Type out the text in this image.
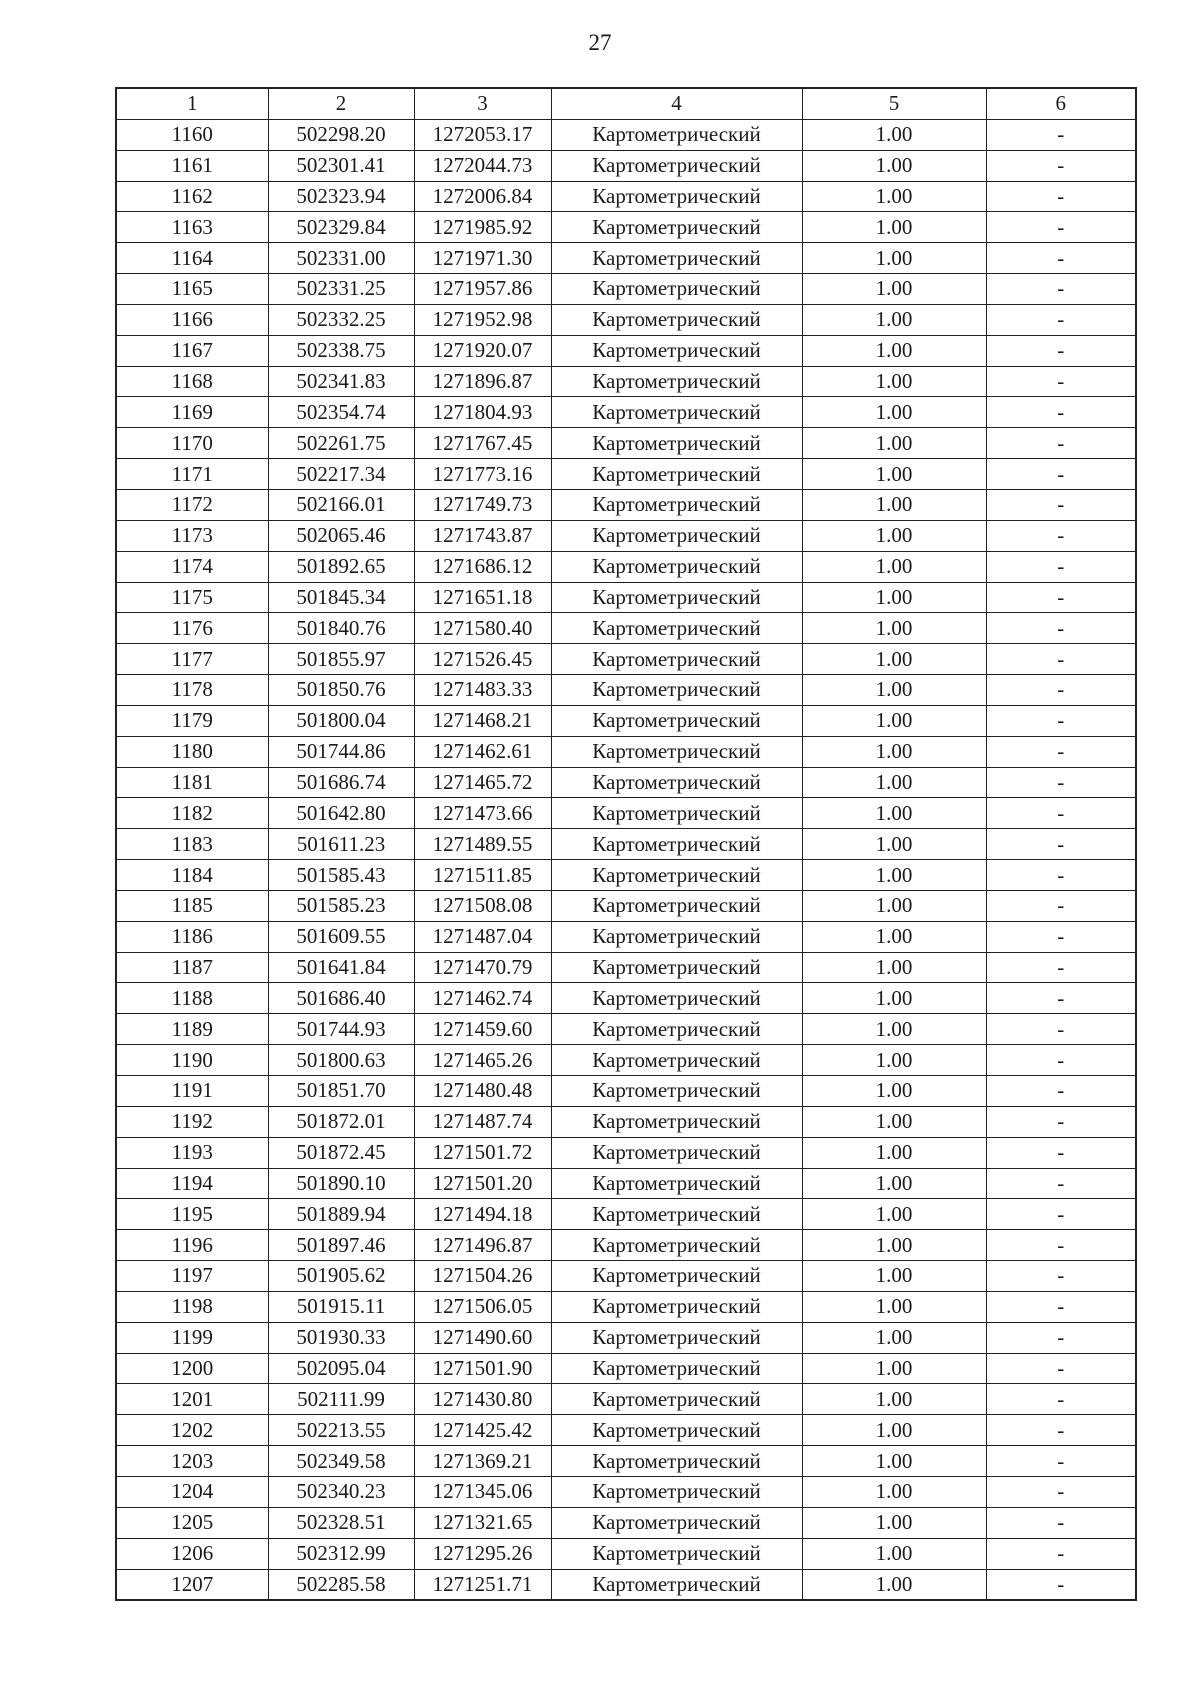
27
1	2	3	4	5	6
1160	502298.20	1272053.17	Картометрический	1.00	-
1161	502301.41	1272044.73	Картометрический	1.00	-
1162	502323.94	1272006.84	Картометрический	1.00	-
1163	502329.84	1271985.92	Картометрический	1.00	-
1164	502331.00	1271971.30	Картометрический	1.00	-
1165	502331.25	1271957.86	Картометрический	1.00	-
1166	502332.25	1271952.98	Картометрический	1.00	-
1167	502338.75	1271920.07	Картометрический	1.00	-
1168	502341.83	1271896.87	Картометрический	1.00	-
1169	502354.74	1271804.93	Картометрический	1.00	-
1170	502261.75	1271767.45	Картометрический	1.00	-
1171	502217.34	1271773.16	Картометрический	1.00	-
1172	502166.01	1271749.73	Картометрический	1.00	-
1173	502065.46	1271743.87	Картометрический	1.00	-
1174	501892.65	1271686.12	Картометрический	1.00	-
1175	501845.34	1271651.18	Картометрический	1.00	-
1176	501840.76	1271580.40	Картометрический	1.00	-
1177	501855.97	1271526.45	Картометрический	1.00	-
1178	501850.76	1271483.33	Картометрический	1.00	-
1179	501800.04	1271468.21	Картометрический	1.00	-
1180	501744.86	1271462.61	Картометрический	1.00	-
1181	501686.74	1271465.72	Картометрический	1.00	-
1182	501642.80	1271473.66	Картометрический	1.00	-
1183	501611.23	1271489.55	Картометрический	1.00	-
1184	501585.43	1271511.85	Картометрический	1.00	-
1185	501585.23	1271508.08	Картометрический	1.00	-
1186	501609.55	1271487.04	Картометрический	1.00	-
1187	501641.84	1271470.79	Картометрический	1.00	-
1188	501686.40	1271462.74	Картометрический	1.00	-
1189	501744.93	1271459.60	Картометрический	1.00	-
1190	501800.63	1271465.26	Картометрический	1.00	-
1191	501851.70	1271480.48	Картометрический	1.00	-
1192	501872.01	1271487.74	Картометрический	1.00	-
1193	501872.45	1271501.72	Картометрический	1.00	-
1194	501890.10	1271501.20	Картометрический	1.00	-
1195	501889.94	1271494.18	Картометрический	1.00	-
1196	501897.46	1271496.87	Картометрический	1.00	-
1197	501905.62	1271504.26	Картометрический	1.00	-
1198	501915.11	1271506.05	Картометрический	1.00	-
1199	501930.33	1271490.60	Картометрический	1.00	-
1200	502095.04	1271501.90	Картометрический	1.00	-
1201	502111.99	1271430.80	Картометрический	1.00	-
1202	502213.55	1271425.42	Картометрический	1.00	-
1203	502349.58	1271369.21	Картометрический	1.00	-
1204	502340.23	1271345.06	Картометрический	1.00	-
1205	502328.51	1271321.65	Картометрический	1.00	-
1206	502312.99	1271295.26	Картометрический	1.00	-
1207	502285.58	1271251.71	Картометрический	1.00	-
